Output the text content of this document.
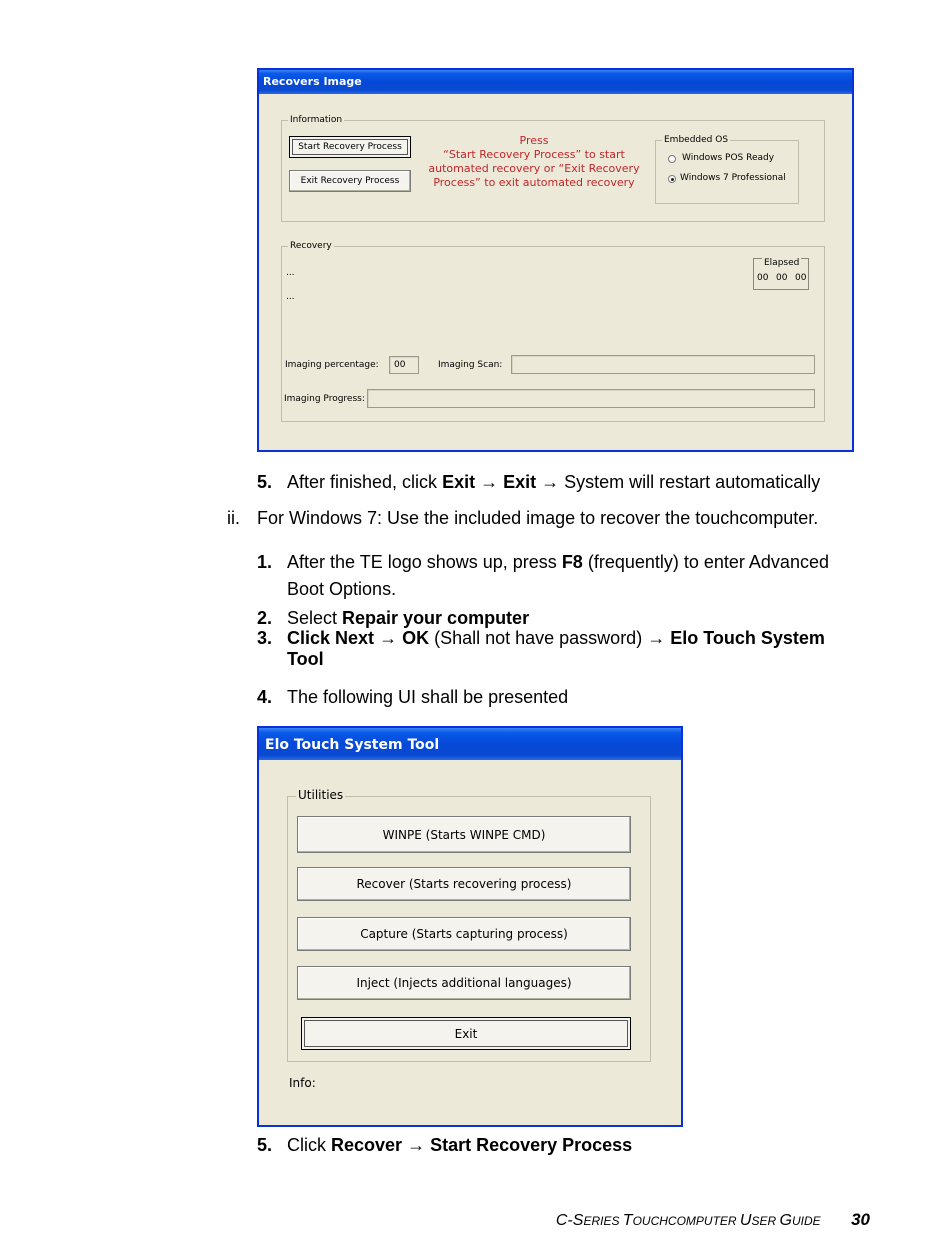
Recovers Image
Information
Start Recovery Process
Exit Recovery Process
Press
“Start Recovery Process” to start
automated recovery or “Exit Recovery
Process” to exit automated recovery
Embedded OS
Windows POS Ready
Windows 7 Professional
Recovery
...
...
Elapsed
00 00 00
Imaging percentage: 00	Imaging Scan:
Imaging Progress:
5. After finished, click Exit → Exit → System will restart automatically
ii. For Windows 7: Use the included image to recover the touchcomputer.
1. After the TE logo shows up, press F8 (frequently) to enter Advanced
Boot Options.
2. Select Repair your computer
3. Click Next → OK (Shall not have password) → Elo Touch System
Tool
4. The following UI shall be presented
Elo Touch System Tool
Utilities
WINPE (Starts WINPE CMD)
Recover (Starts recovering process)
Capture (Starts capturing process)
Inject (Injects additional languages)
Exit
Info:
5. Click Recover → Start Recovery Process
C-SERIES TOUCHCOMPUTER USER GUIDE 30
